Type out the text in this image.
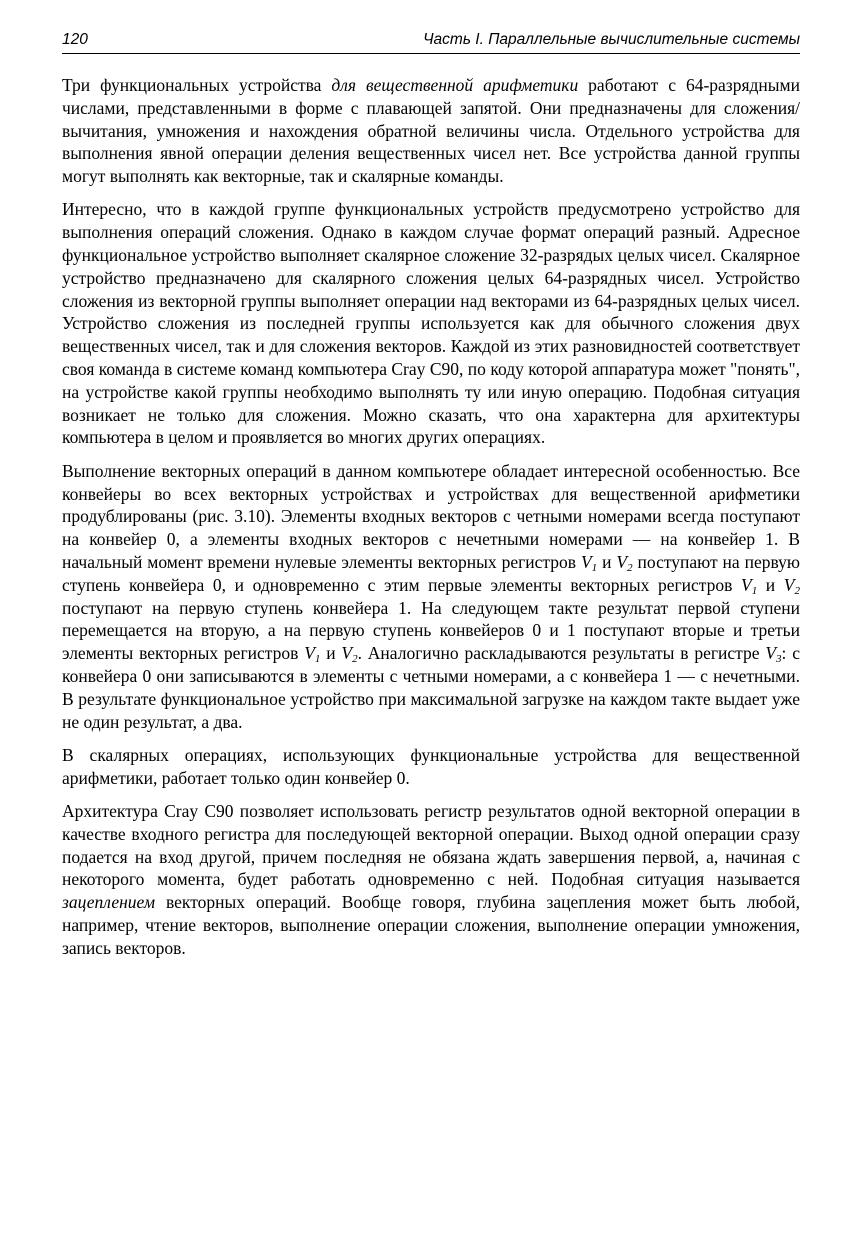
120	Часть I. Параллельные вычислительные системы

Три функциональных устройства для вещественной арифметики работают с 64-разрядными числами, представленными в форме с плавающей запятой. Они предназначены для сложения/вычитания, умножения и нахождения обратной величины числа. Отдельного устройства для выполнения явной операции деления вещественных чисел нет. Все устройства данной группы могут выполнять как векторные, так и скалярные команды.

Интересно, что в каждой группе функциональных устройств предусмотрено устройство для выполнения операций сложения. Однако в каждом случае формат операций разный. Адресное функциональное устройство выполняет скалярное сложение 32-разрядых целых чисел. Скалярное устройство предназначено для скалярного сложения целых 64-разрядных чисел. Устройство сложения из векторной группы выполняет операции над векторами из 64-разрядных целых чисел. Устройство сложения из последней группы используется как для обычного сложения двух вещественных чисел, так и для сложения векторов. Каждой из этих разновидностей соответствует своя команда в системе команд компьютера Cray C90, по коду которой аппаратура может "понять", на устройстве какой группы необходимо выполнять ту или иную операцию. Подобная ситуация возникает не только для сложения. Можно сказать, что она характерна для архитектуры компьютера в целом и проявляется во многих других операциях.

Выполнение векторных операций в данном компьютере обладает интересной особенностью. Все конвейеры во всех векторных устройствах и устройствах для вещественной арифметики продублированы (рис. 3.10). Элементы входных векторов с четными номерами всегда поступают на конвейер 0, а элементы входных векторов с нечетными номерами — на конвейер 1. В начальный момент времени нулевые элементы векторных регистров $V_1$ и $V_2$ поступают на первую ступень конвейера 0, и одновременно с этим первые элементы векторных регистров $V_1$ и $V_2$ поступают на первую ступень конвейера 1. На следующем такте результат первой ступени перемещается на вторую, а на первую ступень конвейеров 0 и 1 поступают вторые и третьи элементы векторных регистров $V_1$ и $V_2$. Аналогично раскладываются результаты в регистре $V_3$: с конвейера 0 они записываются в элементы с четными номерами, а с конвейера 1 — с нечетными. В результате функциональное устройство при максимальной загрузке на каждом такте выдает уже не один результат, а два.

В скалярных операциях, использующих функциональные устройства для вещественной арифметики, работает только один конвейер 0.

Архитектура Cray C90 позволяет использовать регистр результатов одной векторной операции в качестве входного регистра для последующей векторной операции. Выход одной операции сразу подается на вход другой, причем последняя не обязана ждать завершения первой, а, начиная с некоторого момента, будет работать одновременно с ней. Подобная ситуация называется зацеплением векторных операций. Вообще говоря, глубина зацепления может быть любой, например, чтение векторов, выполнение операции сложения, выполнение операции умножения, запись векторов.
